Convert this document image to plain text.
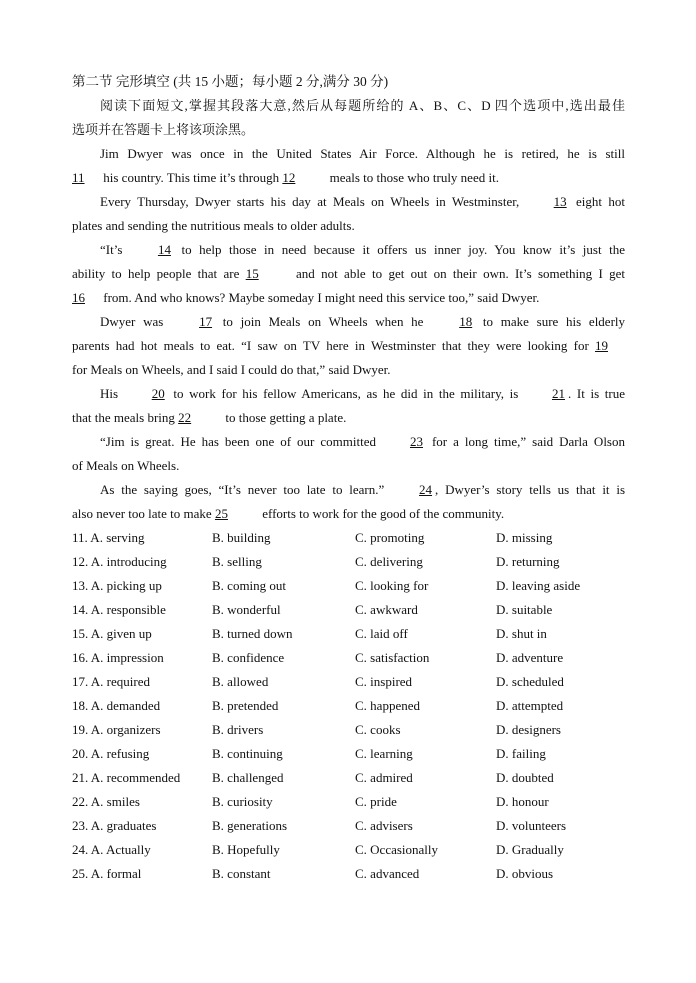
第二节 完形填空 (共 15 小题；每小题 2 分,满分 30 分)
阅读下面短文,掌握其段落大意,然后从每题所给的 A、B、C、D 四个选项中,选出最佳
选项并在答题卡上将该项涂黑。
Jim Dwyer was once in the United States Air Force. Although he is retired, he is still
11 his country. This time it’s through 12 meals to those who truly need it.
Every Thursday, Dwyer starts his day at Meals on Wheels in Westminster, 13 eight hot
plates and sending the nutritious meals to older adults.
“It’s 14 to help those in need because it offers us inner joy. You know it’s just the
ability to help people that are 15 and not able to get out on their own. It’s something I get
16 from. And who knows? Maybe someday I might need this service too,” said Dwyer.
Dwyer was 17 to join Meals on Wheels when he 18 to make sure his elderly
parents had hot meals to eat. “I saw on TV here in Westminster that they were looking for 19
for Meals on Wheels, and I said I could do that,” said Dwyer.
His 20 to work for his fellow Americans, as he did in the military, is 21 . It is true
that the meals bring 22 to those getting a plate.
“Jim is great. He has been one of our committed 23 for a long time,” said Darla Olson
of Meals on Wheels.
As the saying goes, “It’s never too late to learn.” 24 , Dwyer’s story tells us that it is
also never too late to make 25 efforts to work for the good of the community.
11. A. serving	B. building	C. promoting	D. missing
12. A. introducing	B. selling	C. delivering	D. returning
13. A. picking up	B. coming out	C. looking for	D. leaving aside
14. A. responsible	B. wonderful	C. awkward	D. suitable
15. A. given up	B. turned down	C. laid off	D. shut in
16. A. impression	B. confidence	C. satisfaction	D. adventure
17. A. required	B. allowed	C. inspired	D. scheduled
18. A. demanded	B. pretended	C. happened	D. attempted
19. A. organizers	B. drivers	C. cooks	D. designers
20. A. refusing	B. continuing	C. learning	D. failing
21. A. recommended	B. challenged	C. admired	D. doubted
22. A. smiles	B. curiosity	C. pride	D. honour
23. A. graduates	B. generations	C. advisers	D. volunteers
24. A. Actually	B. Hopefully	C. Occasionally	D. Gradually
25. A. formal	B. constant	C. advanced	D. obvious
